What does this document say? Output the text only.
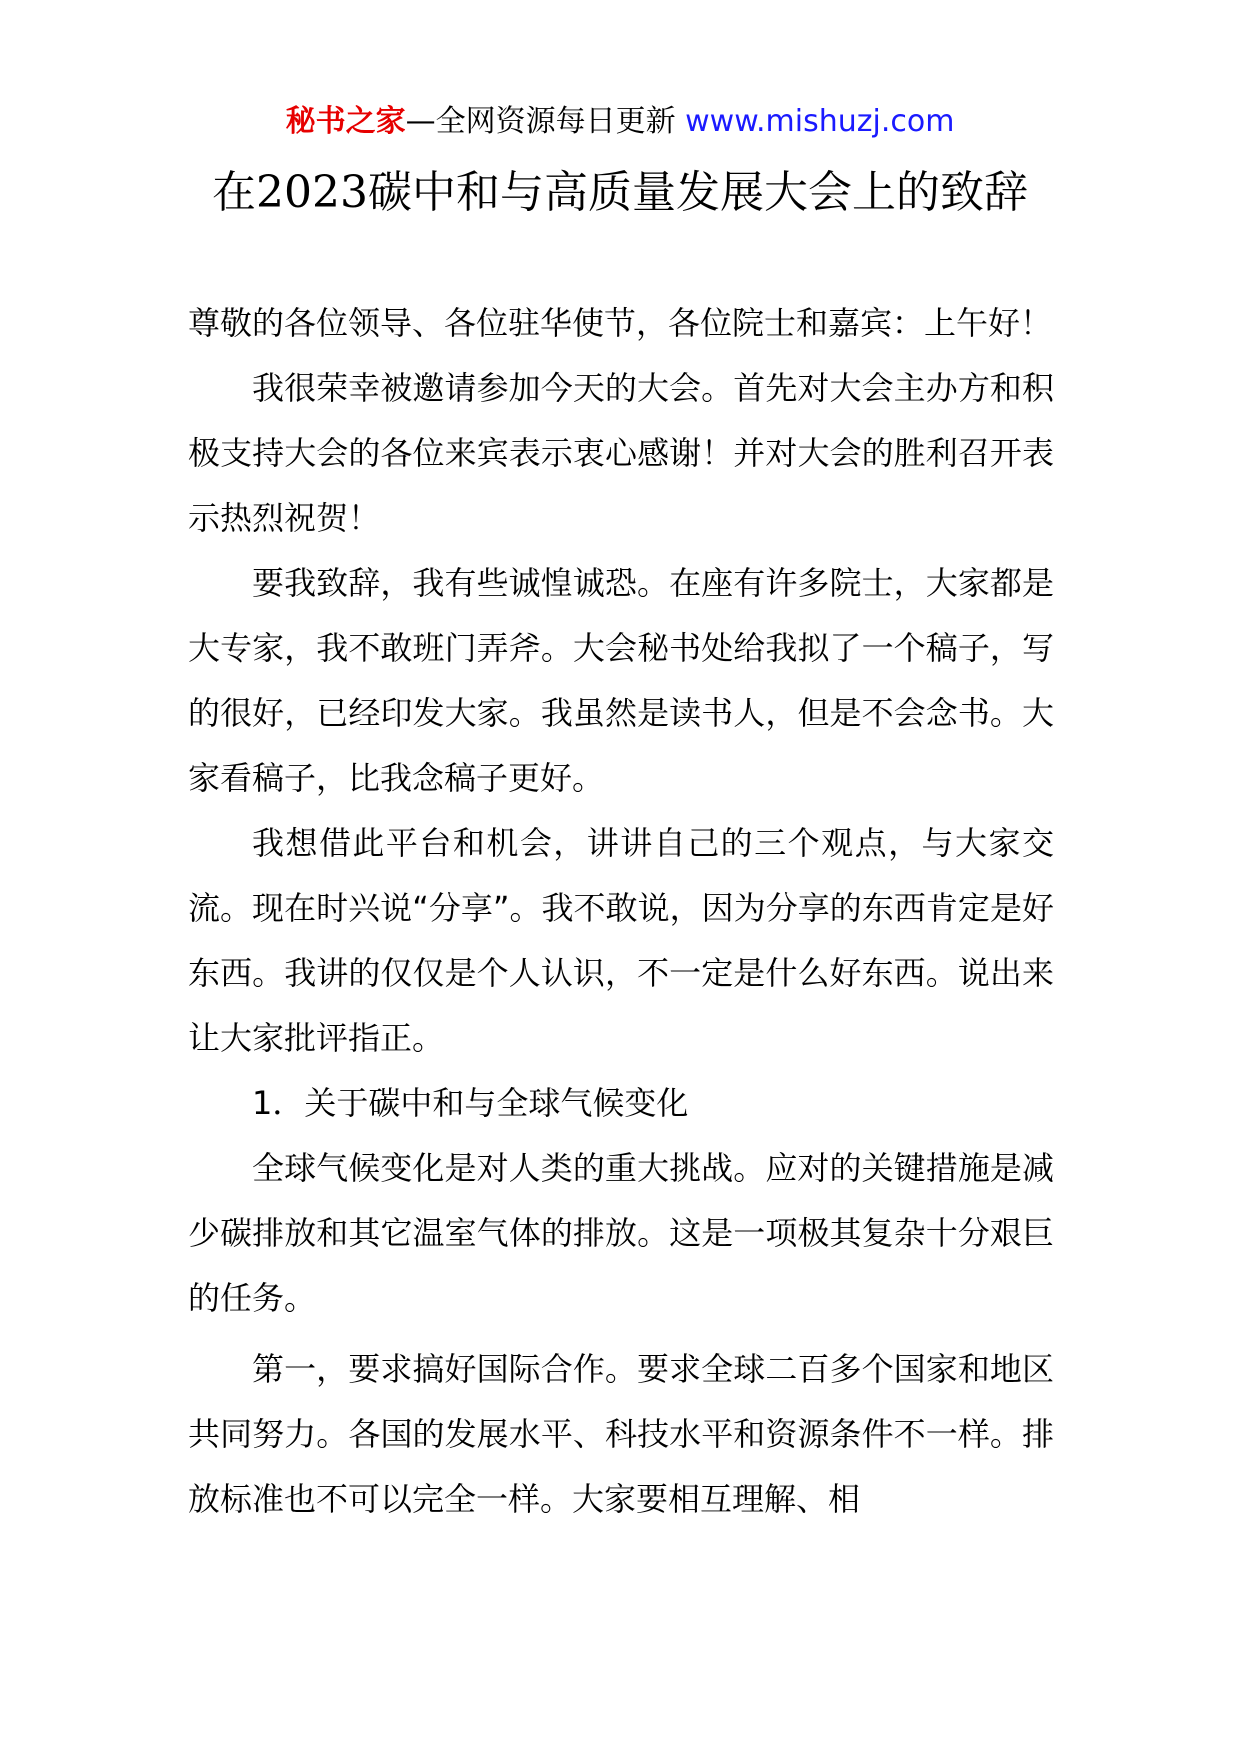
秘书之家—全网资源每日更新 www.mishuzj.com
在2023碳中和与高质量发展大会上的致辞

尊敬的各位领导、各位驻华使节，各位院士和嘉宾：上午好！

我很荣幸被邀请参加今天的大会。首先对大会主办方和积极支持大会的各位来宾表示衷心感谢！并对大会的胜利召开表示热烈祝贺！

要我致辞，我有些诚惶诚恐。在座有许多院士，大家都是大专家，我不敢班门弄斧。大会秘书处给我拟了一个稿子，写的很好，已经印发大家。我虽然是读书人，但是不会念书。大家看稿子，比我念稿子更好。

我想借此平台和机会，讲讲自己的三个观点，与大家交流。现在时兴说“分享”。我不敢说，因为分享的东西肯定是好东西。我讲的仅仅是个人认识，不一定是什么好东西。说出来让大家批评指正。

1．关于碳中和与全球气候变化

全球气候变化是对人类的重大挑战。应对的关键措施是减少碳排放和其它温室气体的排放。这是一项极其复杂十分艰巨的任务。

第一，要求搞好国际合作。要求全球二百多个国家和地区共同努力。各国的发展水平、科技水平和资源条件不一样。排放标准也不可以完全一样。大家要相互理解、相
